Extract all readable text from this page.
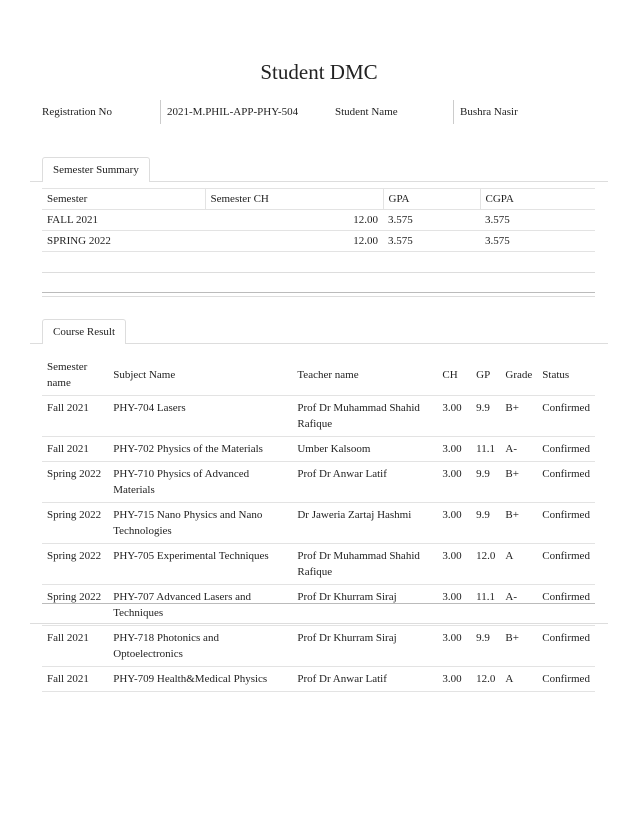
Student DMC
Registration No	2021-M.PHIL-APP-PHY-504	Student Name	Bushra Nasir
Semester Summary
Semester	Semester CH	GPA	CGPA
FALL 2021	12.00	3.575	3.575
SPRING 2022	12.00	3.575	3.575
Course Result
Semester name	Subject Name	Teacher name	CH	GP	Grade	Status
Fall 2021	PHY-704 Lasers	Prof Dr Muhammad Shahid Rafique	3.00	9.9	B+	Confirmed
Fall 2021	PHY-702 Physics of the Materials	Umber Kalsoom	3.00	11.1	A-	Confirmed
Spring 2022	PHY-710 Physics of Advanced Materials	Prof Dr Anwar Latif	3.00	9.9	B+	Confirmed
Spring 2022	PHY-715 Nano Physics and Nano Technologies	Dr Jaweria Zartaj Hashmi	3.00	9.9	B+	Confirmed
Spring 2022	PHY-705 Experimental Techniques	Prof Dr Muhammad Shahid Rafique	3.00	12.0	A	Confirmed
Spring 2022	PHY-707 Advanced Lasers and Techniques	Prof Dr Khurram Siraj	3.00	11.1	A-	Confirmed
Fall 2021	PHY-718 Photonics and Optoelectronics	Prof Dr Khurram Siraj	3.00	9.9	B+	Confirmed
Fall 2021	PHY-709 Health&Medical Physics	Prof Dr Anwar Latif	3.00	12.0	A	Confirmed
